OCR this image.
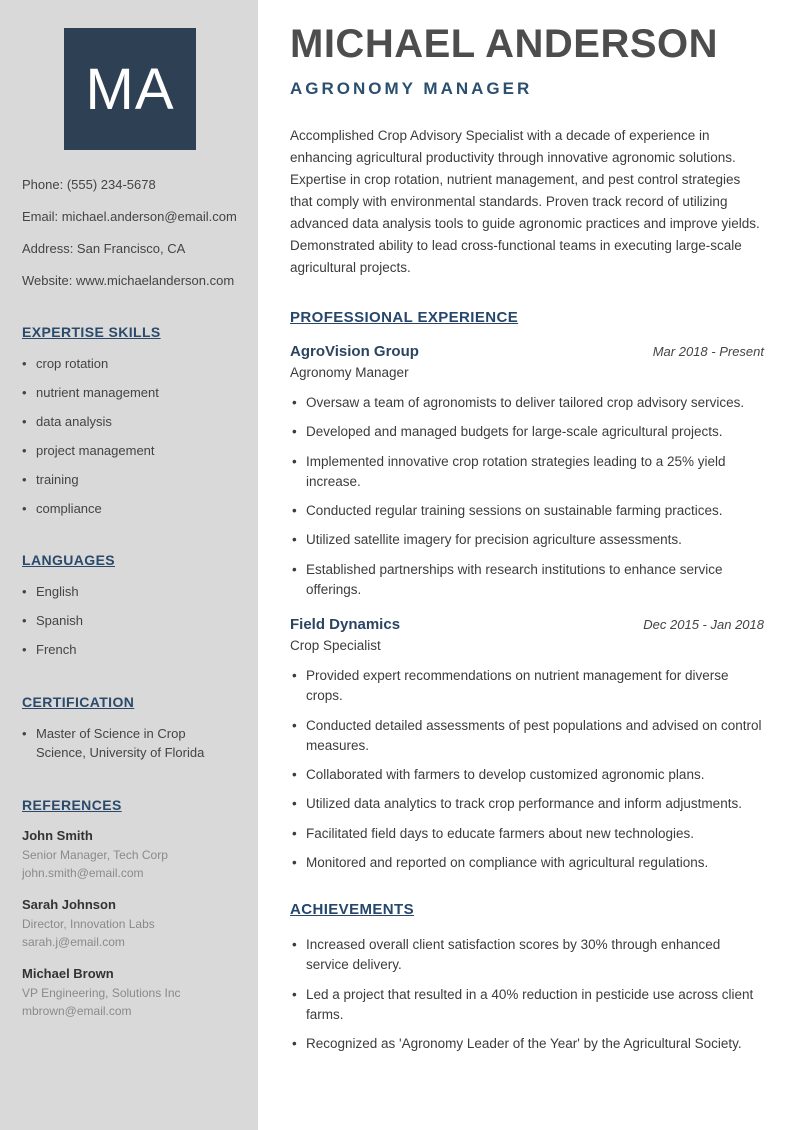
MA
Phone: (555) 234-5678
Email: michael.anderson@email.com
Address: San Francisco, CA
Website: www.michaelanderson.com
EXPERTISE SKILLS
• crop rotation
• nutrient management
• data analysis
• project management
• training
• compliance
LANGUAGES
• English
• Spanish
• French
CERTIFICATION
• Master of Science in Crop Science, University of Florida
REFERENCES
John Smith
Senior Manager, Tech Corp
john.smith@email.com
Sarah Johnson
Director, Innovation Labs
sarah.j@email.com
Michael Brown
VP Engineering, Solutions Inc
mbrown@email.com
MICHAEL ANDERSON
AGRONOMY MANAGER

Accomplished Crop Advisory Specialist with a decade of experience in enhancing agricultural productivity through innovative agronomic solutions. Expertise in crop rotation, nutrient management, and pest control strategies that comply with environmental standards. Proven track record of utilizing advanced data analysis tools to guide agronomic practices and improve yields. Demonstrated ability to lead cross-functional teams in executing large-scale agricultural projects.

PROFESSIONAL EXPERIENCE
AgroVision Group	Mar 2018 - Present
Agronomy Manager
• Oversaw a team of agronomists to deliver tailored crop advisory services.
• Developed and managed budgets for large-scale agricultural projects.
• Implemented innovative crop rotation strategies leading to a 25% yield increase.
• Conducted regular training sessions on sustainable farming practices.
• Utilized satellite imagery for precision agriculture assessments.
• Established partnerships with research institutions to enhance service offerings.
Field Dynamics	Dec 2015 - Jan 2018
Crop Specialist
• Provided expert recommendations on nutrient management for diverse crops.
• Conducted detailed assessments of pest populations and advised on control measures.
• Collaborated with farmers to develop customized agronomic plans.
• Utilized data analytics to track crop performance and inform adjustments.
• Facilitated field days to educate farmers about new technologies.
• Monitored and reported on compliance with agricultural regulations.
ACHIEVEMENTS
• Increased overall client satisfaction scores by 30% through enhanced service delivery.
• Led a project that resulted in a 40% reduction in pesticide use across client farms.
• Recognized as 'Agronomy Leader of the Year' by the Agricultural Society.
